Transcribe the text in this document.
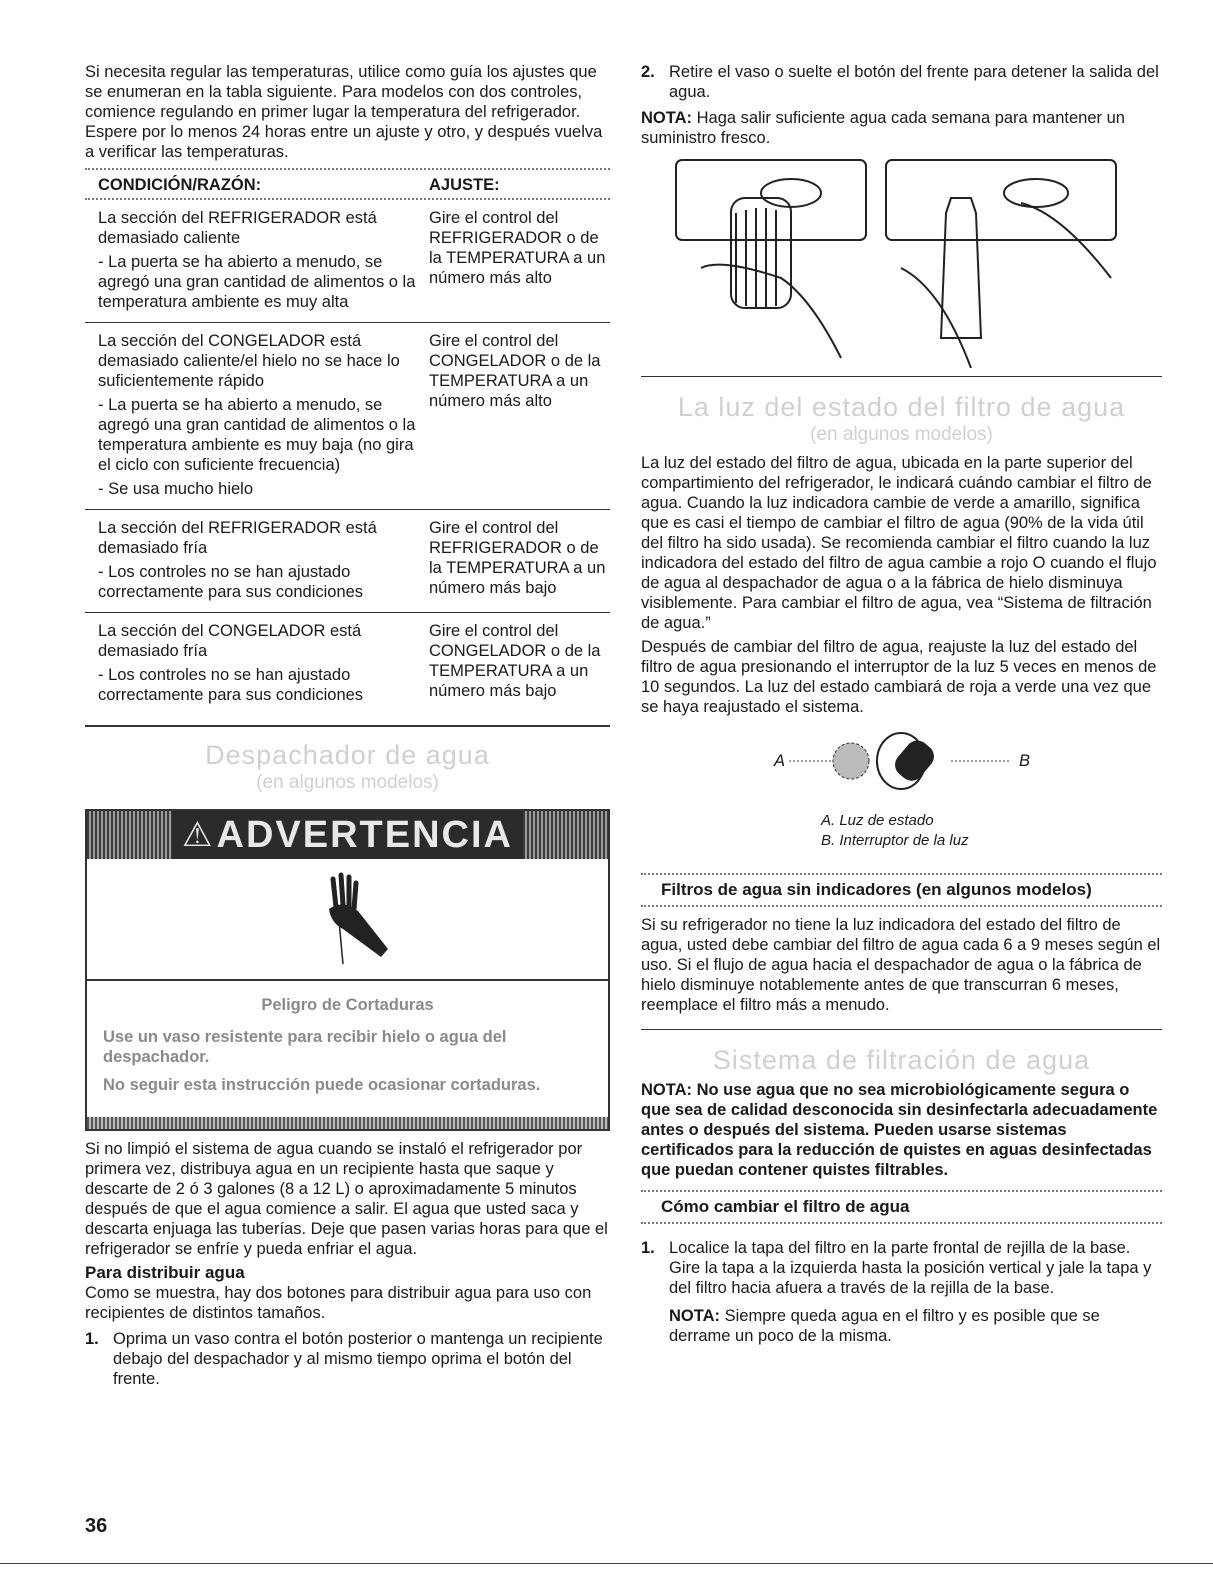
Si necesita regular las temperaturas, utilice como guía los ajustes que se enumeran en la tabla siguiente. Para modelos con dos controles, comience regulando en primer lugar la temperatura del refrigerador. Espere por lo menos 24 horas entre un ajuste y otro, y después vuelva a verificar las temperaturas.

CONDICIÓN/RAZÓN:	AJUSTE:

La sección del REFRIGERADOR está demasiado caliente

- La puerta se ha abierto a menudo, se agregó una gran cantidad de alimentos o la temperatura ambiente es muy alta

Gire el control del REFRIGERADOR o de la TEMPERATURA a un número más alto

La sección del CONGELADOR está demasiado caliente/el hielo no se hace lo suficientemente rápido

- La puerta se ha abierto a menudo, se agregó una gran cantidad de alimentos o la temperatura ambiente es muy baja (no gira el ciclo con suficiente frecuencia)

- Se usa mucho hielo

Gire el control del CONGELADOR o de la TEMPERATURA a un número más alto

La sección del REFRIGERADOR está demasiado fría

- Los controles no se han ajustado correctamente para sus condiciones

Gire el control del REFRIGERADOR o de la TEMPERATURA a un número más bajo

La sección del CONGELADOR está demasiado fría

- Los controles no se han ajustado correctamente para sus condiciones

Gire el control del CONGELADOR o de la TEMPERATURA a un número más bajo

Despachador de agua
(en algunos modelos)
⚠ ADVERTENCIA

Peligro de Cortaduras

Use un vaso resistente para recibir hielo o agua del despachador.

No seguir esta instrucción puede ocasionar cortaduras.

Si no limpió el sistema de agua cuando se instaló el refrigerador por primera vez, distribuya agua en un recipiente hasta que saque y descarte de 2 ó 3 galones (8 a 12 L) o aproximadamente 5 minutos después de que el agua comience a salir. El agua que usted saca y descarta enjuaga las tuberías. Deje que pasen varias horas para que el refrigerador se enfríe y pueda enfriar el agua.

Para distribuir agua

Como se muestra, hay dos botones para distribuir agua para uso con recipientes de distintos tamaños.

1. Oprima un vaso contra el botón posterior o mantenga un recipiente debajo del despachador y al mismo tiempo oprima el botón del frente.
2. Retire el vaso o suelte el botón del frente para detener la salida del agua.

NOTA: Haga salir suficiente agua cada semana para mantener un suministro fresco.

La luz del estado del filtro de agua
(en algunos modelos)

La luz del estado del filtro de agua, ubicada en la parte superior del compartimiento del refrigerador, le indicará cuándo cambiar el filtro de agua. Cuando la luz indicadora cambie de verde a amarillo, significa que es casi el tiempo de cambiar el filtro de agua (90% de la vida útil del filtro ha sido usada). Se recomienda cambiar el filtro cuando la luz indicadora del estado del filtro de agua cambie a rojo O cuando el flujo de agua al despachador de agua o a la fábrica de hielo disminuya visiblemente. Para cambiar el filtro de agua, vea “Sistema de filtración de agua.”

Después de cambiar del filtro de agua, reajuste la luz del estado del filtro de agua presionando el interruptor de la luz 5 veces en menos de 10 segundos. La luz del estado cambiará de roja a verde una vez que se haya reajustado el sistema.

A	B

A. Luz de estado

B. Interruptor de la luz

Filtros de agua sin indicadores (en algunos modelos)

Si su refrigerador no tiene la luz indicadora del estado del filtro de agua, usted debe cambiar del filtro de agua cada 6 a 9 meses según el uso. Si el flujo de agua hacia el despachador de agua o la fábrica de hielo disminuye notablemente antes de que transcurran 6 meses, reemplace el filtro más a menudo.

Sistema de filtración de agua

NOTA: No use agua que no sea microbiológicamente segura o que sea de calidad desconocida sin desinfectarla adecuadamente antes o después del sistema. Pueden usarse sistemas certificados para la reducción de quistes en aguas desinfectadas que puedan contener quistes filtrables.

Cómo cambiar el filtro de agua
1. Localice la tapa del filtro en la parte frontal de rejilla de la base. Gire la tapa a la izquierda hasta la posición vertical y jale la tapa y del filtro hacia afuera a través de la rejilla de la base.

NOTA: Siempre queda agua en el filtro y es posible que se derrame un poco de la misma.

36
